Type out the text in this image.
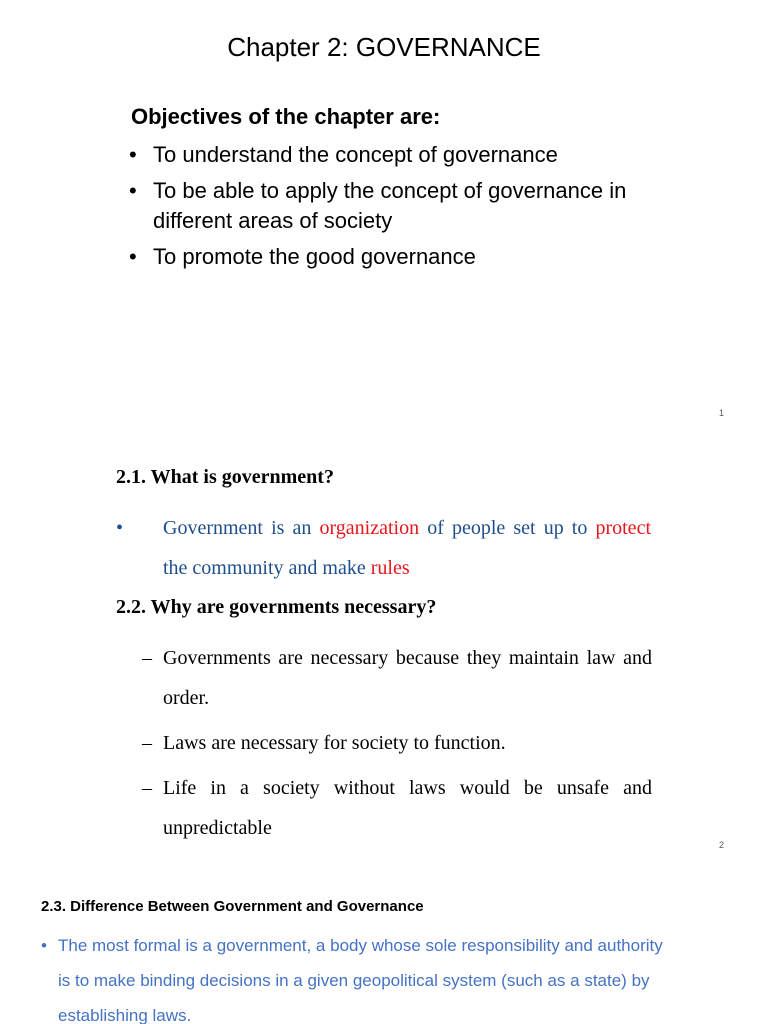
Chapter 2: GOVERNANCE
Objectives of the chapter are:
• To understand the concept of governance
• To be able to apply the concept of governance in different areas of society
• To promote the good governance
1
2.1. What is government?
• Government is an organization of people set up to protect the community and make rules
2.2. Why are governments necessary?
– Governments are necessary because they maintain law and order.
– Laws are necessary for society to function.
– Life in a society without laws would be unsafe and unpredictable
2
2.3. Difference Between Government and Governance
• The most formal is a government, a body whose sole responsibility and authority is to make binding decisions in a given geopolitical system (such as a state) by establishing laws.
